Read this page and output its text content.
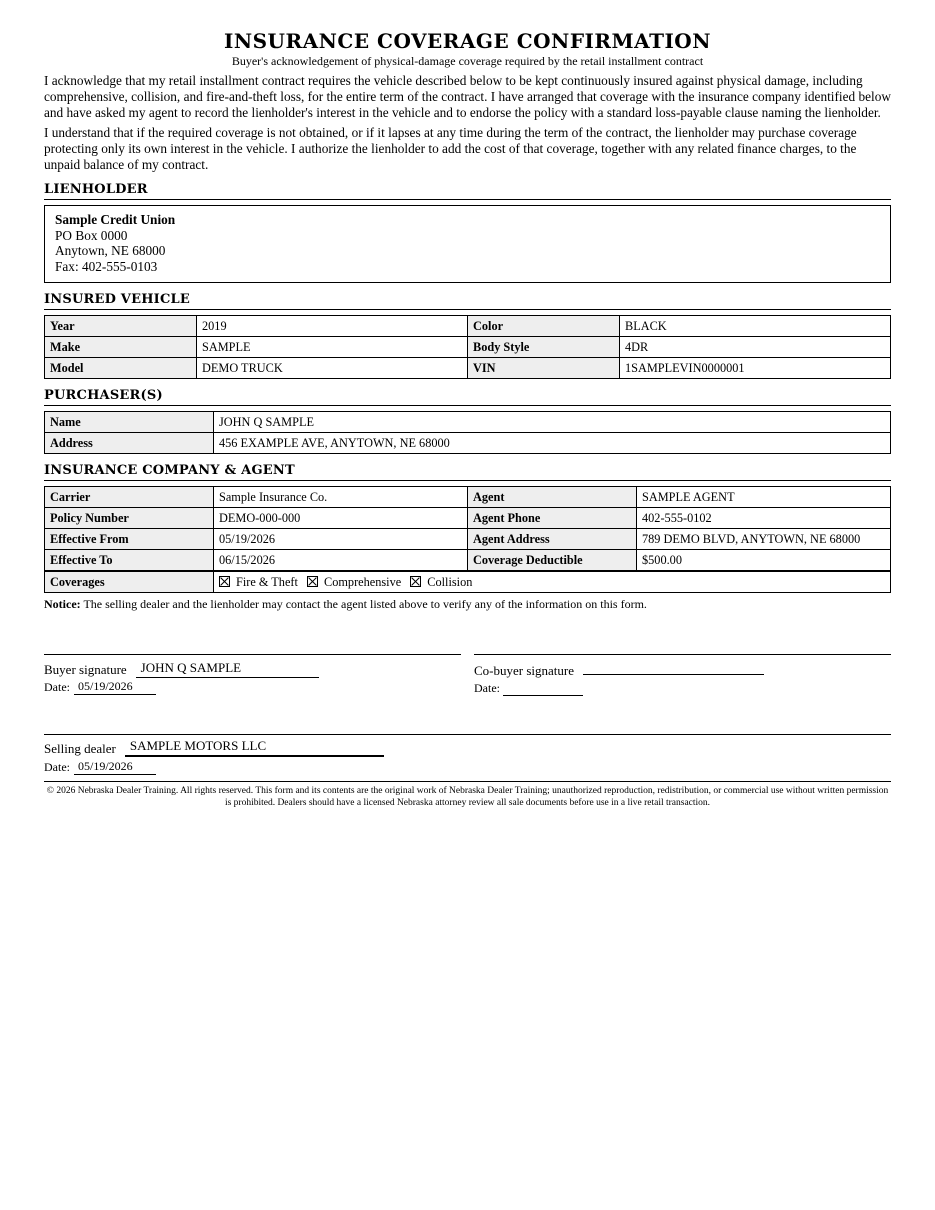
INSURANCE COVERAGE CONFIRMATION
Buyer's acknowledgement of physical-damage coverage required by the retail installment contract

I acknowledge that my retail installment contract requires the vehicle described below to be kept continuously insured against physical damage, including comprehensive, collision, and fire-and-theft loss, for the entire term of the contract. I have arranged that coverage with the insurance company identified below and have asked my agent to record the lienholder's interest in the vehicle and to endorse the policy with a standard loss-payable clause naming the lienholder.

I understand that if the required coverage is not obtained, or if it lapses at any time during the term of the contract, the lienholder may purchase coverage protecting only its own interest in the vehicle. I authorize the lienholder to add the cost of that coverage, together with any related finance charges, to the unpaid balance of my contract.

LIENHOLDER
Sample Credit Union
PO Box 0000
Anytown, NE 68000
Fax: 402-555-0103
INSURED VEHICLE
Year	2019	Color	BLACK
Make	SAMPLE	Body Style	4DR
Model	DEMO TRUCK	VIN	1SAMPLEVIN0000001
PURCHASER(S)
Name	JOHN Q SAMPLE
Address	456 EXAMPLE AVE, ANYTOWN, NE 68000
INSURANCE COMPANY & AGENT
Carrier	Sample Insurance Co.	Agent	SAMPLE AGENT
Policy Number	DEMO-000-000	Agent Phone	402-555-0102
Effective From	05/19/2026	Agent Address	789 DEMO BLVD, ANYTOWN, NE 68000
Effective To	06/15/2026	Coverage Deductible	$500.00
Coverages	Fire & Theft Comprehensive Collision		

Notice: The selling dealer and the lienholder may contact the agent listed above to verify any of the information on this form.

Buyer signature	JOHN Q SAMPLE
Date: 05/19/2026
Co-buyer signature
Date:
Selling dealer	SAMPLE MOTORS LLC
Date: 05/19/2026
© 2026 Nebraska Dealer Training. All rights reserved. This form and its contents are the original work of Nebraska Dealer Training; unauthorized reproduction, redistribution, or commercial use without written permission is prohibited. Dealers should have a licensed Nebraska attorney review all sale documents before use in a live retail transaction.
